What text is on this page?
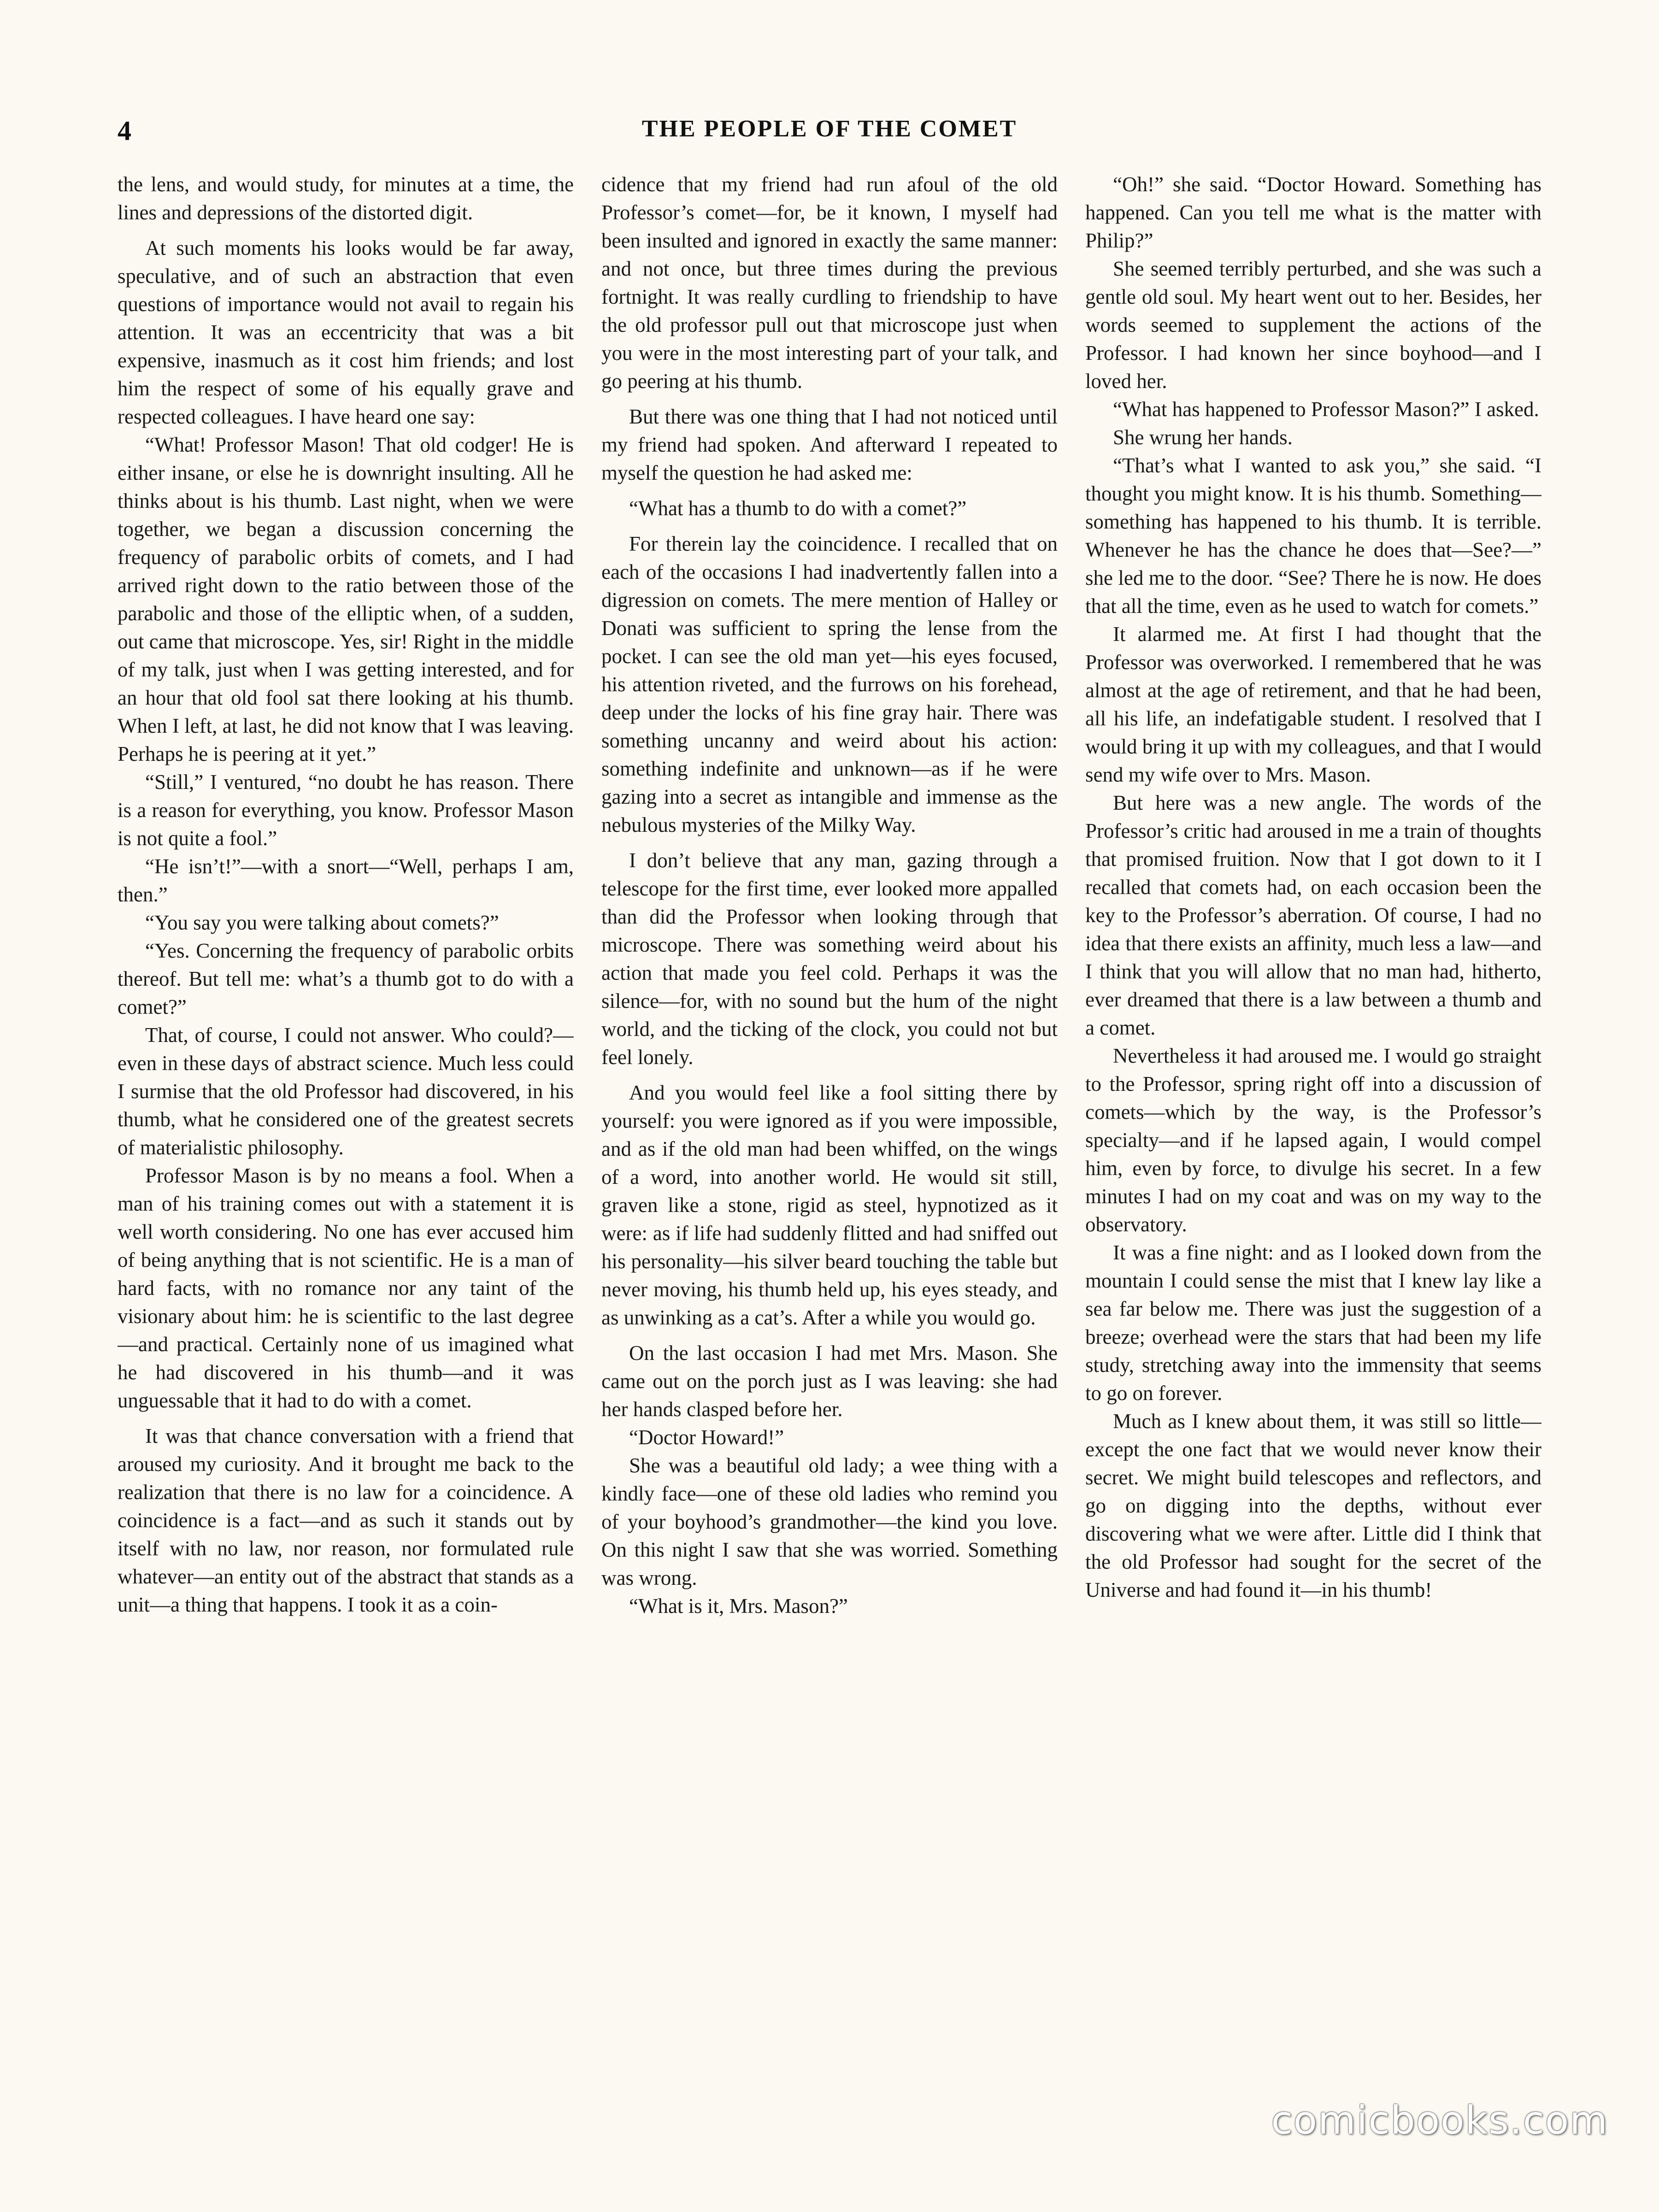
4	THE PEOPLE OF THE COMET

the lens, and would study, for minutes at a time, the lines and depressions of the distorted digit.

At such moments his looks would be far away, speculative, and of such an abstraction that even questions of importance would not avail to regain his attention. It was an eccentricity that was a bit expensive, inasmuch as it cost him friends; and lost him the respect of some of his equally grave and respected colleagues. I have heard one say:

“What! Professor Mason! That old codger! He is either insane, or else he is downright insulting. All he thinks about is his thumb. Last night, when we were together, we began a discussion concerning the frequency of parabolic orbits of comets, and I had arrived right down to the ratio between those of the parabolic and those of the elliptic when, of a sudden, out came that microscope. Yes, sir! Right in the middle of my talk, just when I was getting interested, and for an hour that old fool sat there looking at his thumb. When I left, at last, he did not know that I was leaving. Perhaps he is peering at it yet.”

“Still,” I ventured, “no doubt he has reason. There is a reason for everything, you know. Professor Mason is not quite a fool.”

“He isn’t!”—with a snort—“Well, perhaps I am, then.”

“You say you were talking about comets?”

“Yes. Concerning the frequency of parabolic orbits thereof. But tell me: what’s a thumb got to do with a comet?”

That, of course, I could not answer. Who could?—even in these days of abstract science. Much less could I surmise that the old Professor had discovered, in his thumb, what he considered one of the greatest secrets of materialistic philosophy.

Professor Mason is by no means a fool. When a man of his training comes out with a statement it is well worth considering. No one has ever accused him of being anything that is not scientific. He is a man of hard facts, with no romance nor any taint of the visionary about him: he is scientific to the last degree—and practical. Certainly none of us imagined what he had discovered in his thumb—and it was unguessable that it had to do with a comet.

It was that chance conversation with a friend that aroused my curiosity. And it brought me back to the realization that there is no law for a coincidence. A coincidence is a fact—and as such it stands out by itself with no law, nor reason, nor formulated rule whatever—an entity out of the abstract that stands as a unit—a thing that happens. I took it as a coin-

cidence that my friend had run afoul of the old Professor’s comet—for, be it known, I myself had been insulted and ignored in exactly the same manner: and not once, but three times during the previous fortnight. It was really curdling to friendship to have the old professor pull out that microscope just when you were in the most interesting part of your talk, and go peering at his thumb.

But there was one thing that I had not noticed until my friend had spoken. And afterward I repeated to myself the question he had asked me:

“What has a thumb to do with a comet?”

For therein lay the coincidence. I recalled that on each of the occasions I had inadvertently fallen into a digression on comets. The mere mention of Halley or Donati was sufficient to spring the lense from the pocket. I can see the old man yet—his eyes focused, his attention riveted, and the furrows on his forehead, deep under the locks of his fine gray hair. There was something uncanny and weird about his action: something indefinite and unknown—as if he were gazing into a secret as intangible and immense as the nebulous mysteries of the Milky Way.

I don’t believe that any man, gazing through a telescope for the first time, ever looked more appalled than did the Professor when looking through that microscope. There was something weird about his action that made you feel cold. Perhaps it was the silence—for, with no sound but the hum of the night world, and the ticking of the clock, you could not but feel lonely.

And you would feel like a fool sitting there by yourself: you were ignored as if you were impossible, and as if the old man had been whiffed, on the wings of a word, into another world. He would sit still, graven like a stone, rigid as steel, hypnotized as it were: as if life had suddenly flitted and had sniffed out his personality—his silver beard touching the table but never moving, his thumb held up, his eyes steady, and as unwinking as a cat’s. After a while you would go.

On the last occasion I had met Mrs. Mason. She came out on the porch just as I was leaving: she had her hands clasped before her.

“Doctor Howard!”

She was a beautiful old lady; a wee thing with a kindly face—one of these old ladies who remind you of your boyhood’s grandmother—the kind you love. On this night I saw that she was worried. Something was wrong.

“What is it, Mrs. Mason?”

“Oh!” she said. “Doctor Howard. Something has happened. Can you tell me what is the matter with Philip?”

She seemed terribly perturbed, and she was such a gentle old soul. My heart went out to her. Besides, her words seemed to supplement the actions of the Professor. I had known her since boyhood—and I loved her.

“What has happened to Professor Mason?” I asked.

She wrung her hands.

“That’s what I wanted to ask you,” she said. “I thought you might know. It is his thumb. Something—something has happened to his thumb. It is terrible. Whenever he has the chance he does that—See?—” she led me to the door. “See? There he is now. He does that all the time, even as he used to watch for comets.”

It alarmed me. At first I had thought that the Professor was overworked. I remembered that he was almost at the age of retirement, and that he had been, all his life, an indefatigable student. I resolved that I would bring it up with my colleagues, and that I would send my wife over to Mrs. Mason.

But here was a new angle. The words of the Professor’s critic had aroused in me a train of thoughts that promised fruition. Now that I got down to it I recalled that comets had, on each occasion been the key to the Professor’s aberration. Of course, I had no idea that there exists an affinity, much less a law—and I think that you will allow that no man had, hitherto, ever dreamed that there is a law between a thumb and a comet.

Nevertheless it had aroused me. I would go straight to the Professor, spring right off into a discussion of comets—which by the way, is the Professor’s specialty—and if he lapsed again, I would compel him, even by force, to divulge his secret. In a few minutes I had on my coat and was on my way to the observatory.

It was a fine night: and as I looked down from the mountain I could sense the mist that I knew lay like a sea far below me. There was just the suggestion of a breeze; overhead were the stars that had been my life study, stretching away into the immensity that seems to go on forever.

Much as I knew about them, it was still so little—except the one fact that we would never know their secret. We might build telescopes and reflectors, and go on digging into the depths, without ever discovering what we were after. Little did I think that the old Professor had sought for the secret of the Universe and had found it—in his thumb!

comicbooks.com
